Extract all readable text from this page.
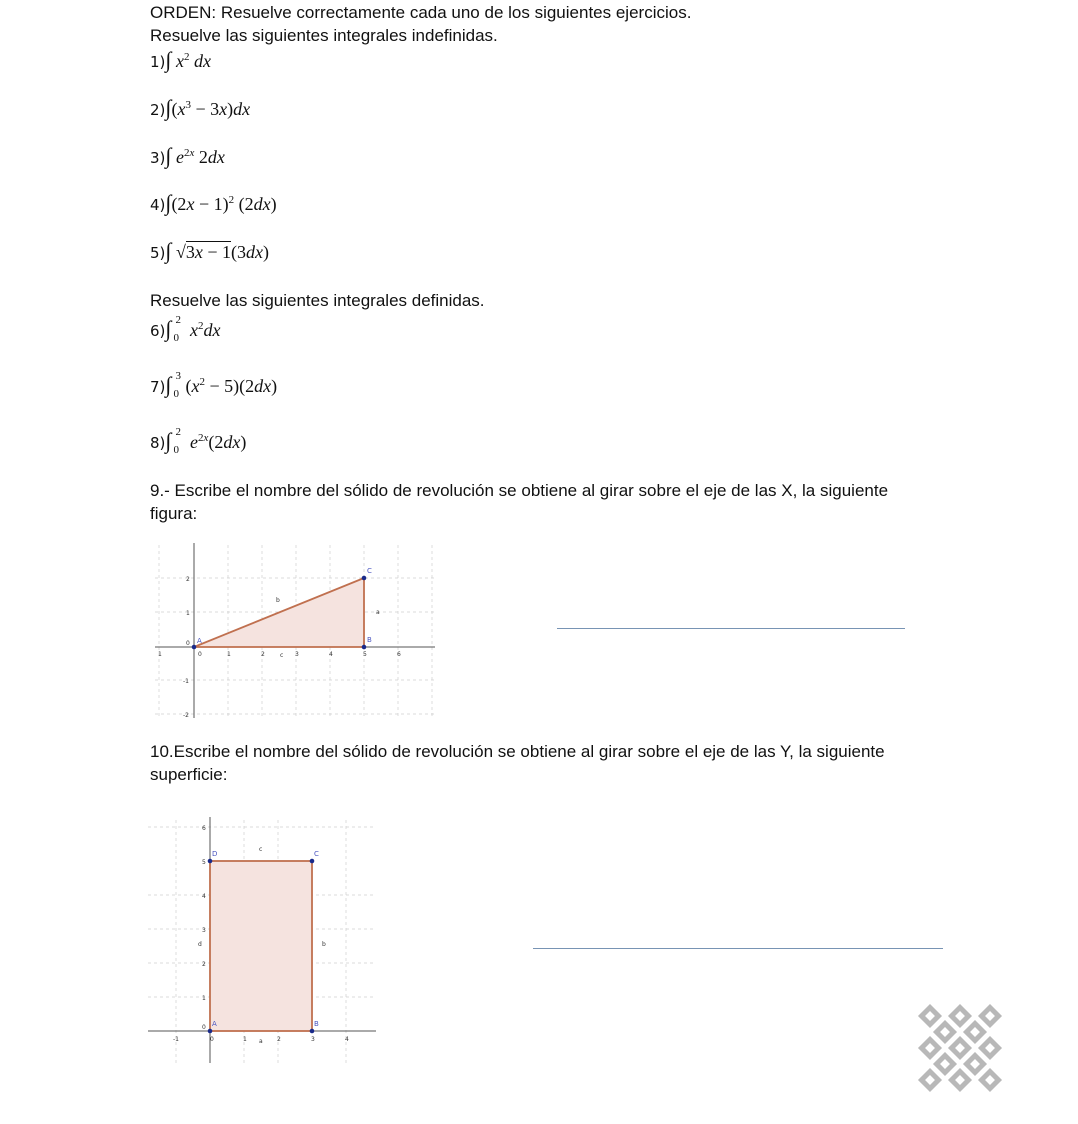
ORDEN: Resuelve correctamente cada uno de los siguientes ejercicios.
Resuelve las siguientes integrales indefinidas.
1)∫ $x^2$ dx
$2)\int(x^3 - 3x)dx$
3)∫ $e^{2x}$ 2dx
$4)\int(2x - 1)^2$ (2dx)
5)∫ √3x − 1(3dx)
Resuelve las siguientes integrales definidas.
6)∫ 2
0 $x^2dx$
7)∫ 3
0 $(x^2 - 5)(2dx)$
8)∫ 2
0 $e^{2x}(2dx)$
9.- Escribe el nombre del sólido de revolución se obtiene al girar sobre el eje de las X, la siguiente
figura:
A	B
C
a
b
c
1	0	1	2	3	4	5	6
2
1
0
-1
-2
10.Escribe el nombre del sólido de revolución se obtiene al girar sobre el eje de las Y, la siguiente
superficie:
A	B
C
D
a
b
c
d
-1	0	1	2	3	4
6
5
4
3
2
1
0
